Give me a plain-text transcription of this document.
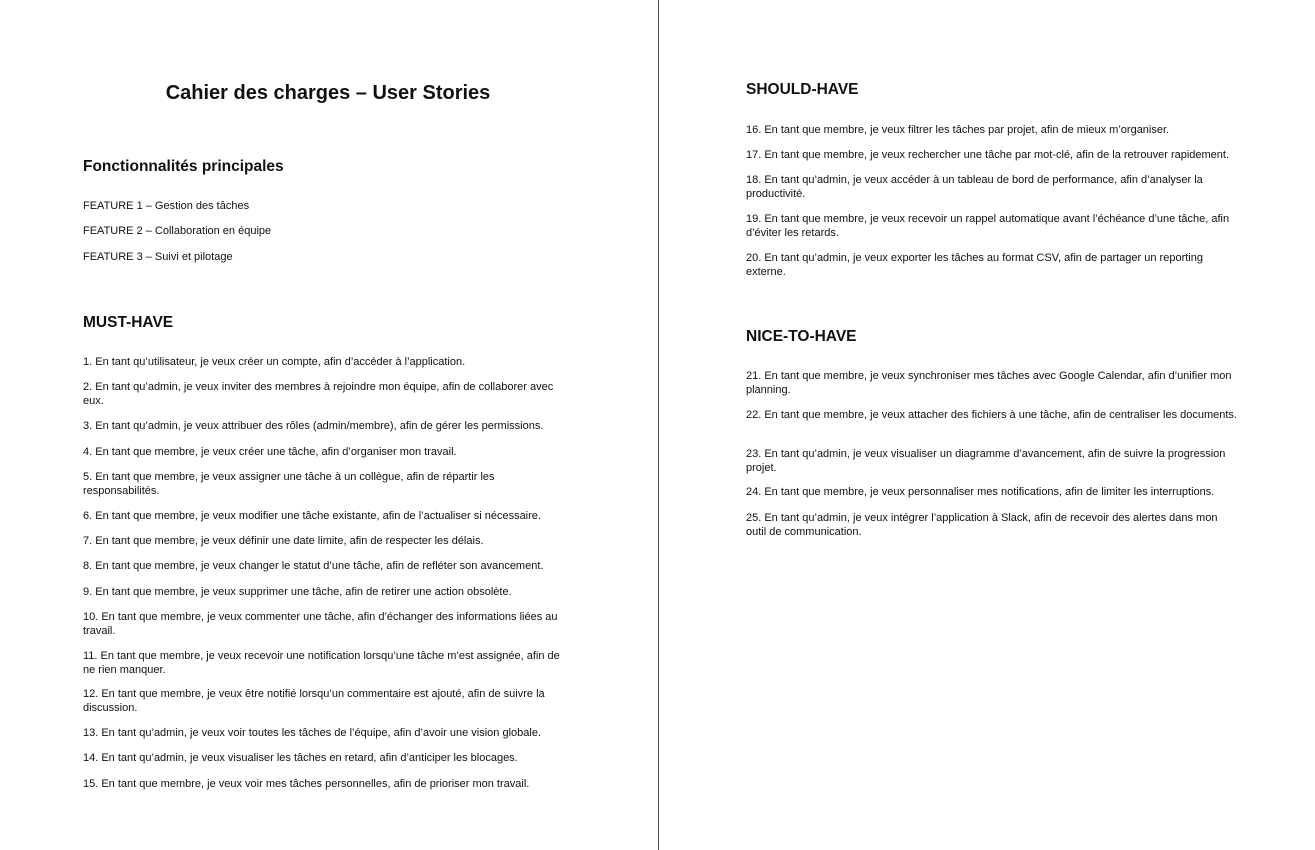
Cahier des charges – User Stories
Fonctionnalités principales

FEATURE 1 – Gestion des tâches

FEATURE 2 – Collaboration en équipe

FEATURE 3 – Suivi et pilotage

MUST-HAVE

1. En tant qu’utilisateur, je veux créer un compte, afin d’accéder à l’application.

2. En tant qu’admin, je veux inviter des membres à rejoindre mon équipe, afin de collaborer avec eux.

3. En tant qu’admin, je veux attribuer des rôles (admin/membre), afin de gérer les permissions.

4. En tant que membre, je veux créer une tâche, afin d’organiser mon travail.

5. En tant que membre, je veux assigner une tâche à un collègue, afin de répartir les responsabilités.

6. En tant que membre, je veux modifier une tâche existante, afin de l’actualiser si nécessaire.

7. En tant que membre, je veux définir une date limite, afin de respecter les délais.

8. En tant que membre, je veux changer le statut d’une tâche, afin de refléter son avancement.

9. En tant que membre, je veux supprimer une tâche, afin de retirer une action obsolète.

10. En tant que membre, je veux commenter une tâche, afin d’échanger des informations liées au travail.

11. En tant que membre, je veux recevoir une notification lorsqu’une tâche m’est assignée, afin de ne rien manquer.

12. En tant que membre, je veux être notifié lorsqu’un commentaire est ajouté, afin de suivre la discussion.

13. En tant qu’admin, je veux voir toutes les tâches de l’équipe, afin d’avoir une vision globale.

14. En tant qu’admin, je veux visualiser les tâches en retard, afin d’anticiper les blocages.

15. En tant que membre, je veux voir mes tâches personnelles, afin de prioriser mon travail.

SHOULD-HAVE

16. En tant que membre, je veux filtrer les tâches par projet, afin de mieux m’organiser.

17. En tant que membre, je veux rechercher une tâche par mot-clé, afin de la retrouver rapidement.

18. En tant qu’admin, je veux accéder à un tableau de bord de performance, afin d’analyser la productivité.

19. En tant que membre, je veux recevoir un rappel automatique avant l’échéance d’une tâche, afin d’éviter les retards.

20. En tant qu’admin, je veux exporter les tâches au format CSV, afin de partager un reporting externe.

NICE-TO-HAVE

21. En tant que membre, je veux synchroniser mes tâches avec Google Calendar, afin d’unifier mon planning.

22. En tant que membre, je veux attacher des fichiers à une tâche, afin de centraliser les documents.

23. En tant qu’admin, je veux visualiser un diagramme d’avancement, afin de suivre la progression projet.

24. En tant que membre, je veux personnaliser mes notifications, afin de limiter les interruptions.

25. En tant qu’admin, je veux intégrer l’application à Slack, afin de recevoir des alertes dans mon outil de communication.
